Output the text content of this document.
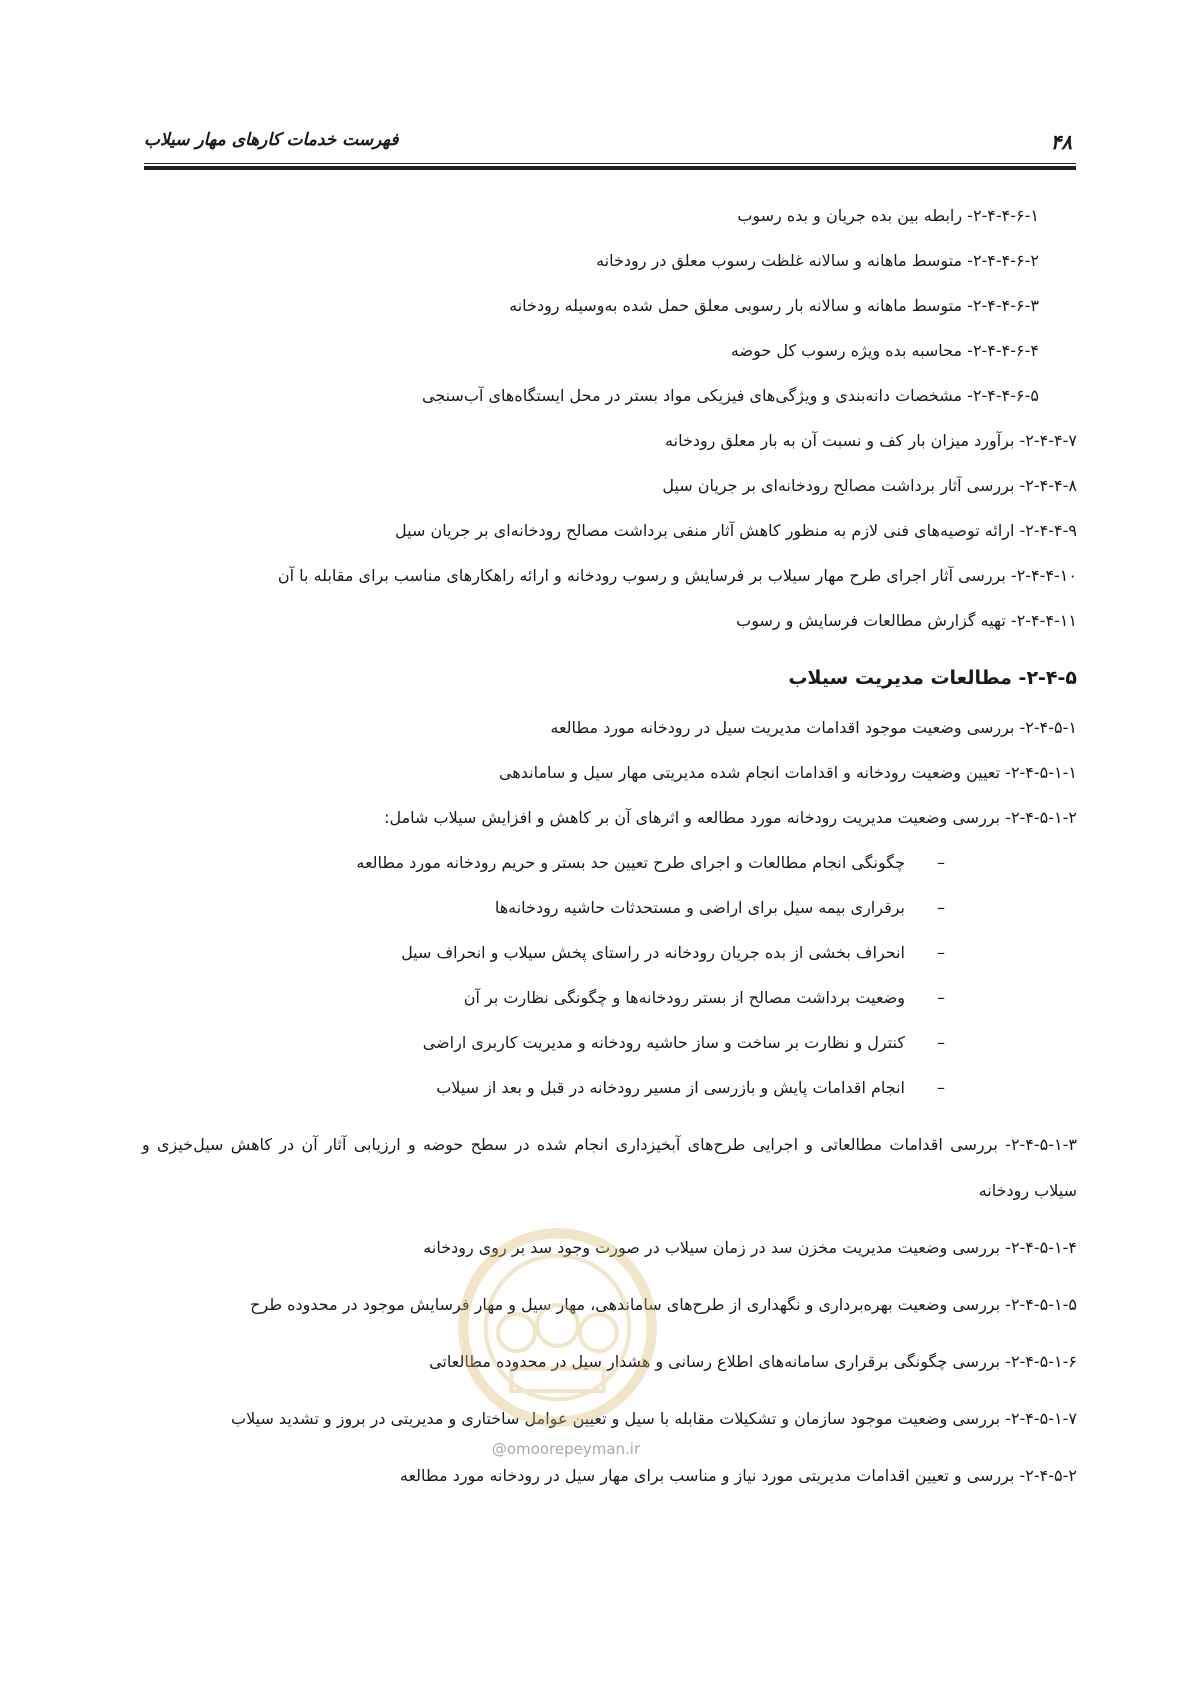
۴۸
فهرست خدمات کارهای مهار سیلاب
۲-۴-۴-۶-۱- رابطه بین بده جریان و بده رسوب
۲-۴-۴-۶-۲- متوسط ماهانه و سالانه غلظت رسوب معلق در رودخانه
۲-۴-۴-۶-۳- متوسط ماهانه و سالانه بار رسوبی معلق حمل شده به‌وسیله رودخانه
۲-۴-۴-۶-۴- محاسبه بده ویژه رسوب کل حوضه
۲-۴-۴-۶-۵- مشخصات دانه‌بندی و ویژگی‌های فیزیکی مواد بستر در محل ایستگاه‌های آب‌سنجی
۲-۴-۴-۷- برآورد میزان بار کف و نسبت آن به بار معلق رودخانه
۲-۴-۴-۸- بررسی آثار برداشت مصالح رودخانه‌ای بر جریان سیل
۲-۴-۴-۹- ارائه توصیه‌های فنی لازم به منظور کاهش آثار منفی برداشت مصالح رودخانه‌ای بر جریان سیل
۲-۴-۴-۱۰- بررسی آثار اجرای طرح مهار سیلاب بر فرسایش و رسوب رودخانه و ارائه راهکارهای مناسب برای مقابله با آن
۲-۴-۴-۱۱- تهیه گزارش مطالعات فرسایش و رسوب
۲-۴-۵- مطالعات مدیریت سیلاب
۲-۴-۵-۱- بررسی وضعیت موجود اقدامات مدیریت سیل در رودخانه مورد مطالعه
۲-۴-۵-۱-۱- تعیین وضعیت رودخانه و اقدامات انجام شده مدیریتی مهار سیل و ساماندهی
۲-۴-۵-۱-۲- بررسی وضعیت مدیریت رودخانه مورد مطالعه و اثرهای آن بر کاهش و افزایش سیلاب شامل:
–چگونگی انجام مطالعات و اجرای طرح تعیین حد بستر و حریم رودخانه مورد مطالعه
–برقراری بیمه سیل برای اراضی و مستحدثات حاشیه رودخانه‌ها
–انحراف بخشی از بده جریان رودخانه در راستای پخش سیلاب و انحراف سیل
–وضعیت برداشت مصالح از بستر رودخانه‌ها و چگونگی نظارت بر آن
–کنترل و نظارت بر ساخت و ساز حاشیه رودخانه و مدیریت کاربری اراضی
–انجام اقدامات پایش و بازرسی از مسیر رودخانه در قبل و بعد از سیلاب
۲-۴-۵-۱-۳- بررسی اقدامات مطالعاتی و اجرایی طرح‌های آبخیزداری انجام شده در سطح حوضه و ارزیابی آثار آن در کاهش سیل‌خیزی و سیلاب رودخانه
۲-۴-۵-۱-۴- بررسی وضعیت مدیریت مخزن سد در زمان سیلاب در صورت وجود سد بر روی رودخانه
۲-۴-۵-۱-۵- بررسی وضعیت بهره‌برداری و نگهداری از طرح‌های ساماندهی، مهار سیل و مهار فرسایش موجود در محدوده طرح
۲-۴-۵-۱-۶- بررسی چگونگی برقراری سامانه‌های اطلاع رسانی و هشدار سیل در محدوده مطالعاتی
۲-۴-۵-۱-۷- بررسی وضعیت موجود سازمان و تشکیلات مقابله با سیل و تعیین عوامل ساختاری و مدیریتی در بروز و تشدید سیلاب
۲-۴-۵-۲- بررسی و تعیین اقدامات مدیریتی مورد نیاز و مناسب برای مهار سیل در رودخانه مورد مطالعه
@omoorepeyman.ir
